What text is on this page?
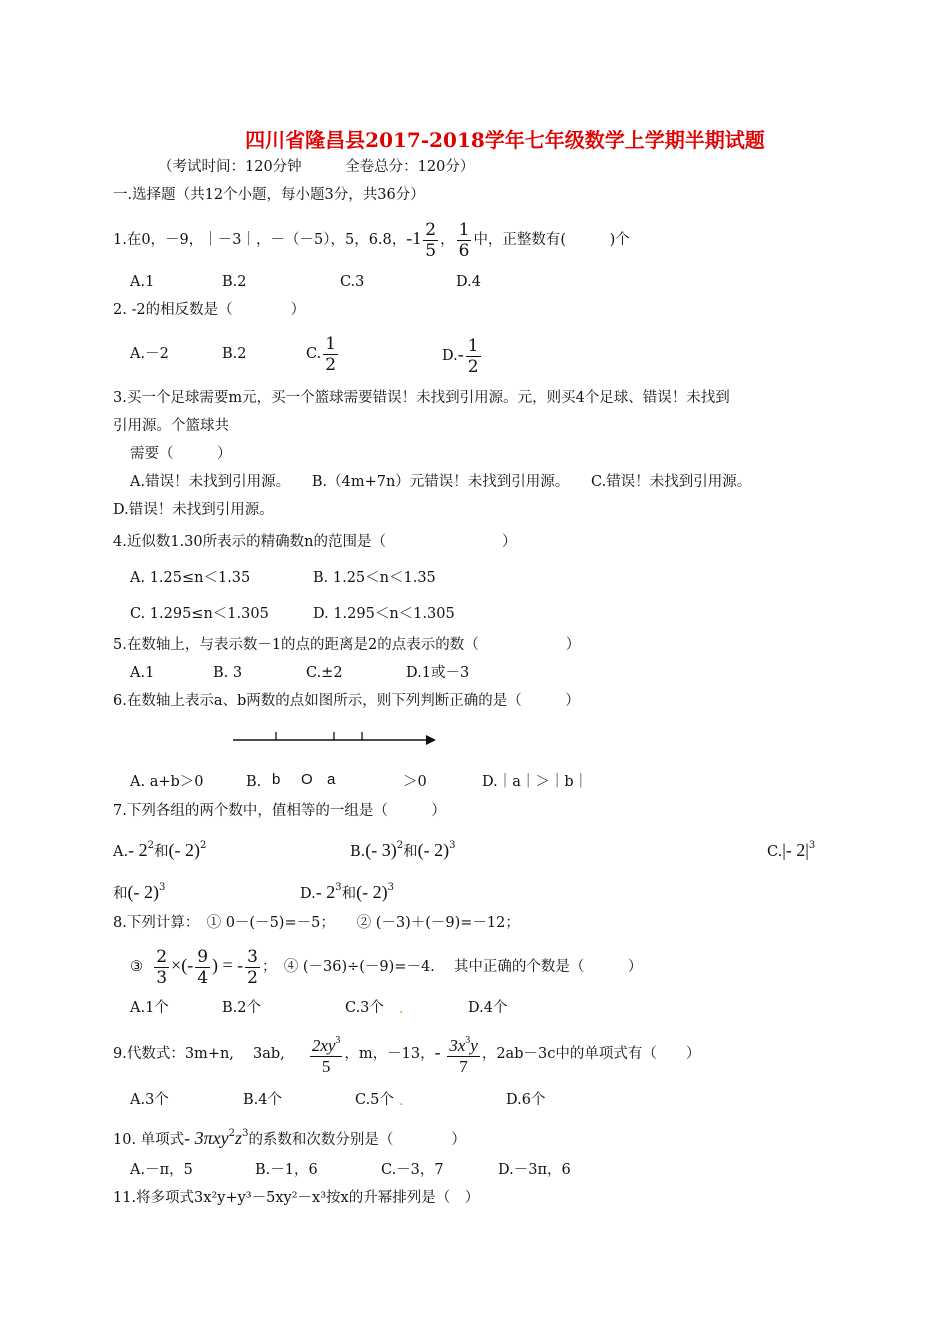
四川省隆昌县2017-2018学年七年级数学上学期半期试题
（考试时间：120分钟　　　全卷总分：120分）
一.选择题（共12个小题，每小题3分，共36分）
1.在0，－9，｜－3｜，－（－5），5，6.8，$-1 \frac{2}{5}$ ， $\frac{1}{6}$ 中，正整数有(　　　)个
A.1	B.2	C.3	D.4
2. -2的相反数是（　　　　）
A.－2	B.2	C. $\frac{1}{2}$	$D.- \frac{1}{2}$
3.买一个足球需要m元，买一个篮球需要错误！未找到引用源。元，则买4个足球、错误！未找到
引用源。个篮球共
需要（　　　）
A.错误！未找到引用源。　　B.（4m+7n）元错误！未找到引用源。　　C.错误！未找到引用源。
D.错误！未找到引用源。
4.近似数1.30所表示的精确数n的范围是（　　　　　　　　）
A. 1.25≤n＜1.35	B. 1.25＜n＜1.35
C. 1.295≤n＜1.305	D. 1.295＜n＜1.305
5.在数轴上，与表示数－1的点的距离是2的点表示的数（　　　　　　）
A.1	B. 3	C.±2	D.1或－3
6.在数轴上表示a、b两数的点如图所示，则下列判断正确的是（　　　）
A. a+b＞0	B. b O a	＞0	D.｜a｜＞｜b｜
7.下列各组的两个数中，值相等的一组是（　　　）
A.- $2^2$和(- 2)$^2$	B.(- 3)$^2$和(- 2)$^3$	C.|- $2|^3$
和(- 2)$^3$	D.- $2^3$和(- 2)$^3$
8.下列计算：　① 0－(－5)=－5；　　② (－3)＋(－9)=－12；
③ $\frac{2}{3}$ ×(- $\frac{9}{4}$ ) = - $\frac{3}{2}$ ；　④ (－36)÷(－9)=－4.　 其中正确的个数是（　　　）
A.1个	B.2个	C.3个 .	D.4个
9.代数式：3m+n,　 3ab, $\frac{2xy^3}{5}$ ，m，－13，- $\frac{3x^3y}{7}$ ，2ab－3c中的单项式有（　　）
A.3个	B.4个	C.5个 .	D.6个
10. 单项式- $3\pi xy^2z^3$的系数和次数分别是（　　　　）
A.－π，5	B.－1，6	C.－3，7	D.－3π，6
11.将多项式3x²y+y³－5xy²－x³按x的升幂排列是（　）
